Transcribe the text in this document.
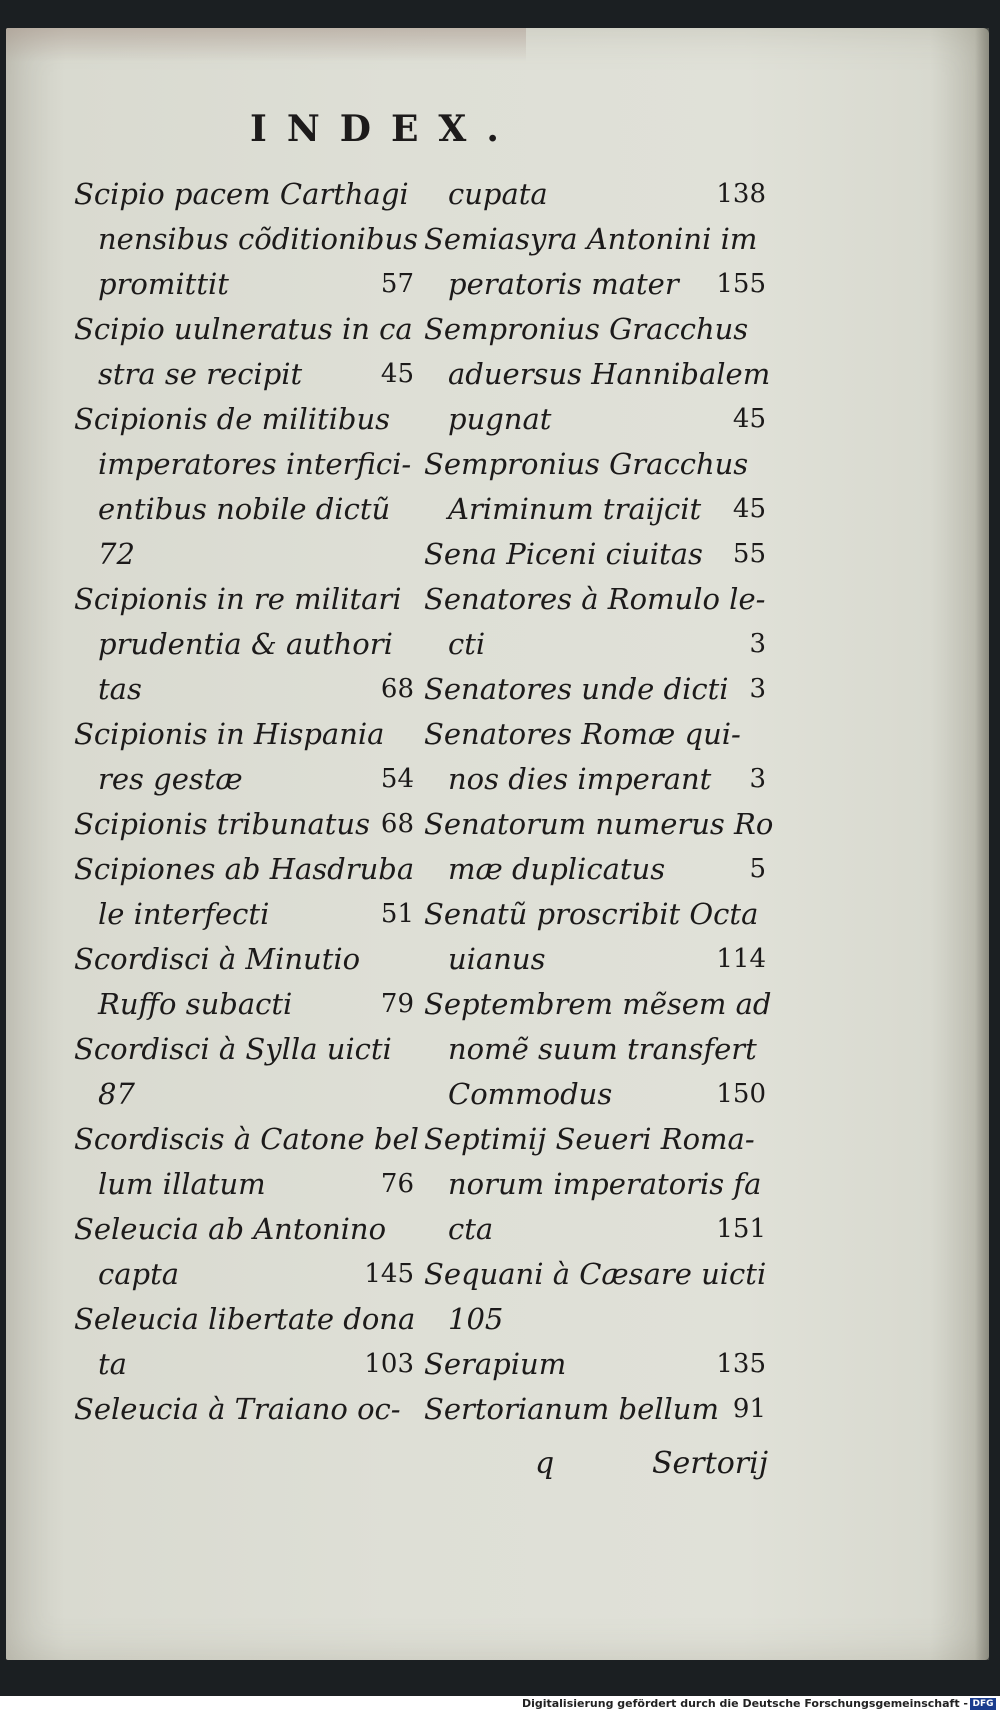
INDEX.
Scipio pacem Carthagi
nensibus cõditionibus
promittit	57
Scipio uulneratus in ca
stra se recipit	45
Scipionis de militibus
imperatores interfici-
entibus nobile dictũ
72
Scipionis in re militari
prudentia & authori
tas	68
Scipionis in Hispania
res gestæ	54
Scipionis tribunatus 68
Scipiones ab Hasdruba
le interfecti	51
Scordisci à Minutio
Ruffo subacti	79
Scordisci à Sylla uicti
87
Scordiscis à Catone bel
lum illatum	76
Seleucia ab Antonino
capta	145
Seleucia libertate dona
ta	103
Seleucia à Traiano oc-
cupata	138
Semiasyra Antonini im
peratoris mater 155
Sempronius Gracchus
aduersus Hannibalem
pugnat	45
Sempronius Gracchus
Ariminum traijcit 45
Sena Piceni ciuitas 55
Senatores à Romulo le-
cti	3
Senatores unde dicti 3
Senatores Romæ qui-
nos dies imperant 3
Senatorum numerus Ro
mæ duplicatus	5
Senatũ proscribit Octa
uianus	114
Septembrem mẽsem ad
nomẽ suum transfert
Commodus	150
Septimij Seueri Roma-
norum imperatoris fa
cta	151
Sequani à Cæsare uicti
105
Serapium	135
Sertorianum bellum 91
q	Sertorij
Digitalisierung gefördert durch die Deutsche Forschungsgemeinschaft - DFG
